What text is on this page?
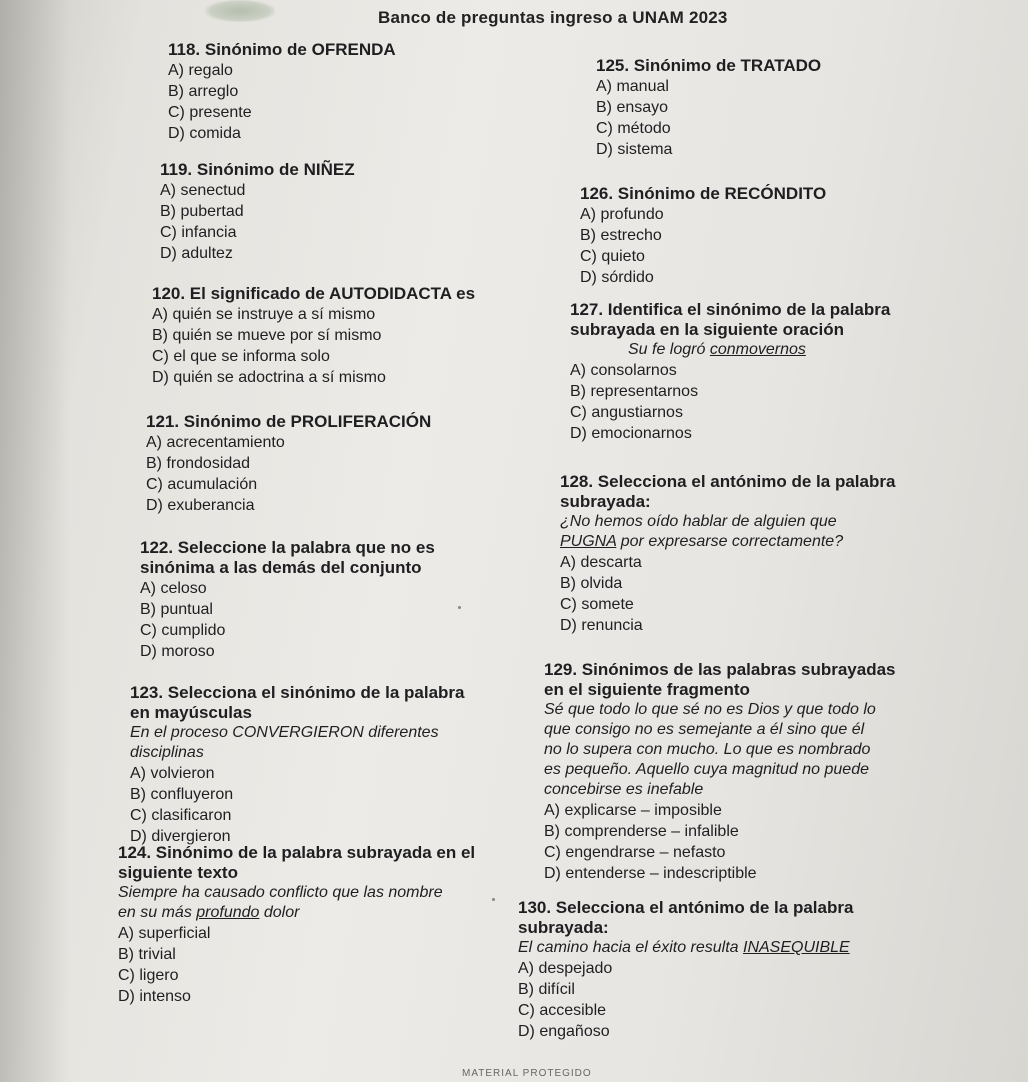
Banco de preguntas ingreso a UNAM 2023
118. Sinónimo de OFRENDA
A) regalo
B) arreglo
C) presente
D) comida
119. Sinónimo de NIÑEZ
A) senectud
B) pubertad
C) infancia
D) adultez
120. El significado de AUTODIDACTA es
A) quién se instruye a sí mismo
B) quién se mueve por sí mismo
C) el que se informa solo
D) quién se adoctrina a sí mismo
121. Sinónimo de PROLIFERACIÓN
A) acrecentamiento
B) frondosidad
C) acumulación
D) exuberancia
122. Seleccione la palabra que no es
sinónima a las demás del conjunto
A) celoso
B) puntual
C) cumplido
D) moroso
123. Selecciona el sinónimo de la palabra
en mayúsculas
En el proceso CONVERGIERON diferentes
disciplinas
A) volvieron
B) confluyeron
C) clasificaron
D) divergieron
124. Sinónimo de la palabra subrayada en el
siguiente texto
Siempre ha causado conflicto que las nombre
en su más profundo dolor
A) superficial
B) trivial
C) ligero
D) intenso
125. Sinónimo de TRATADO
A) manual
B) ensayo
C) método
D) sistema
126. Sinónimo de RECÓNDITO
A) profundo
B) estrecho
C) quieto
D) sórdido
127. Identifica el sinónimo de la palabra
subrayada en la siguiente oración
Su fe logró conmovernos
A) consolarnos
B) representarnos
C) angustiarnos
D) emocionarnos
128. Selecciona el antónimo de la palabra
subrayada:
¿No hemos oído hablar de alguien que
PUGNA por expresarse correctamente?
A) descarta
B) olvida
C) somete
D) renuncia
129. Sinónimos de las palabras subrayadas
en el siguiente fragmento
Sé que todo lo que sé no es Dios y que todo lo
que consigo no es semejante a él sino que él
no lo supera con mucho. Lo que es nombrado
es pequeño. Aquello cuya magnitud no puede
concebirse es inefable
A) explicarse – imposible
B) comprenderse – infalible
C) engendrarse – nefasto
D) entenderse – indescriptible
130. Selecciona el antónimo de la palabra
subrayada:
El camino hacia el éxito resulta INASEQUIBLE
A) despejado
B) difícil
C) accesible
D) engañoso
MATERIAL PROTEGIDO
